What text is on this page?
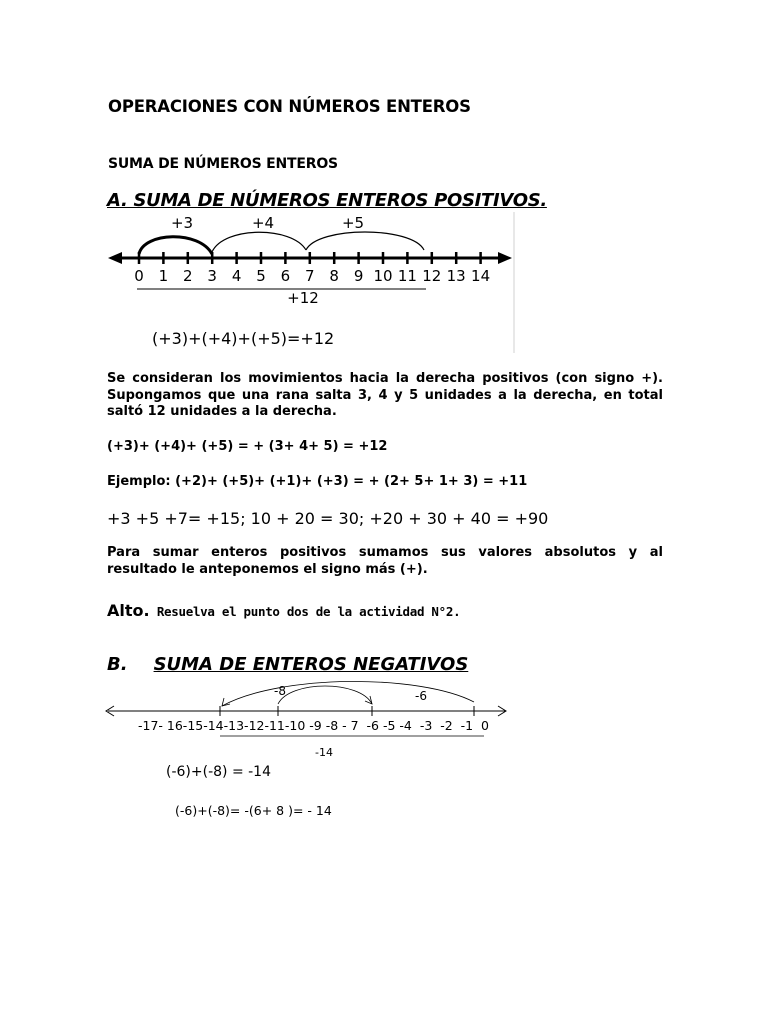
OPERACIONES CON NÚMEROS ENTEROS
SUMA DE NÚMEROS ENTEROS
A. SUMA DE NÚMEROS ENTEROS POSITIVOS.
0 1 2 3 4 5 6 7 8 9 10 11 12 13 14
+3	+4	+5
+12
(+3)+(+4)+(+5)=+12
Se consideran los movimientos hacia la derecha positivos (con signo +). Supongamos que una rana salta 3, 4 y 5 unidades a la derecha, en total saltó 12 unidades a la derecha.
(+3)+ (+4)+ (+5) = + (3+ 4+ 5) = +12
Ejemplo: (+2)+ (+5)+ (+1)+ (+3) = + (2+ 5+ 1+ 3) = +11
+3 +5 +7= +15; 10 + 20 = 30; +20 + 30 + 40 = +90
Para sumar enteros positivos sumamos sus valores absolutos y al resultado le anteponemos el signo más (+).
Alto. Resuelva el punto dos de la actividad N°2.
B. SUMA DE ENTEROS NEGATIVOS
-8	-6
-17- 16-15-14-13-12-11-10 -9 -8 - 7  -6 -5 -4  -3  -2  -1  0
-14
(-6)+(-8) = -14
(-6)+(-8)= -(6+ 8 )= - 14
